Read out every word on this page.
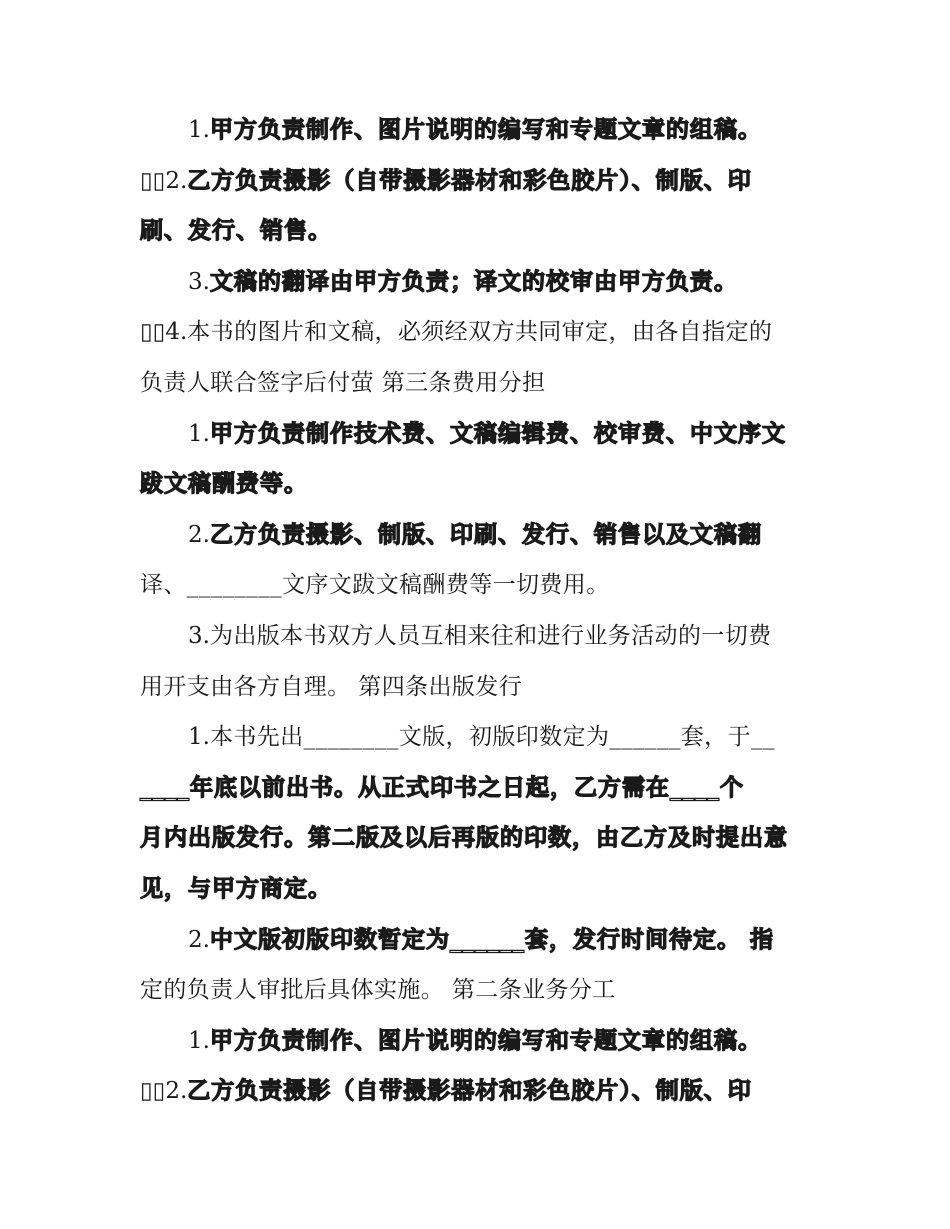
1.甲方负责制作、图片说明的编写和专题文章的组稿。
▯▯2.乙方负责摄影（自带摄影器材和彩色胶片）、制版、印
刷、发行、销售。
3.文稿的翻译由甲方负责；译文的校审由甲方负责。
▯▯4.本书的图片和文稿，必须经双方共同审定，由各自指定的
负责人联合签字后付萤 第三条费用分担
1.甲方负责制作技术费、文稿编辑费、校审费、中文序文
跋文稿酬费等。
2.乙方负责摄影、制版、印刷、发行、销售以及文稿翻
译、________文序文跋文稿酬费等一切费用。
3.为出版本书双方人员互相来往和进行业务活动的一切费
用开支由各方自理。 第四条出版发行
1.本书先出________文版，初版印数定为______套，于__
____年底以前出书。从正式印书之日起，乙方需在____个
月内出版发行。第二版及以后再版的印数，由乙方及时提出意
见，与甲方商定。
2.中文版初版印数暂定为______套，发行时间待定。 指
定的负责人审批后具体实施。 第二条业务分工
1.甲方负责制作、图片说明的编写和专题文章的组稿。
▯▯2.乙方负责摄影（自带摄影器材和彩色胶片）、制版、印
